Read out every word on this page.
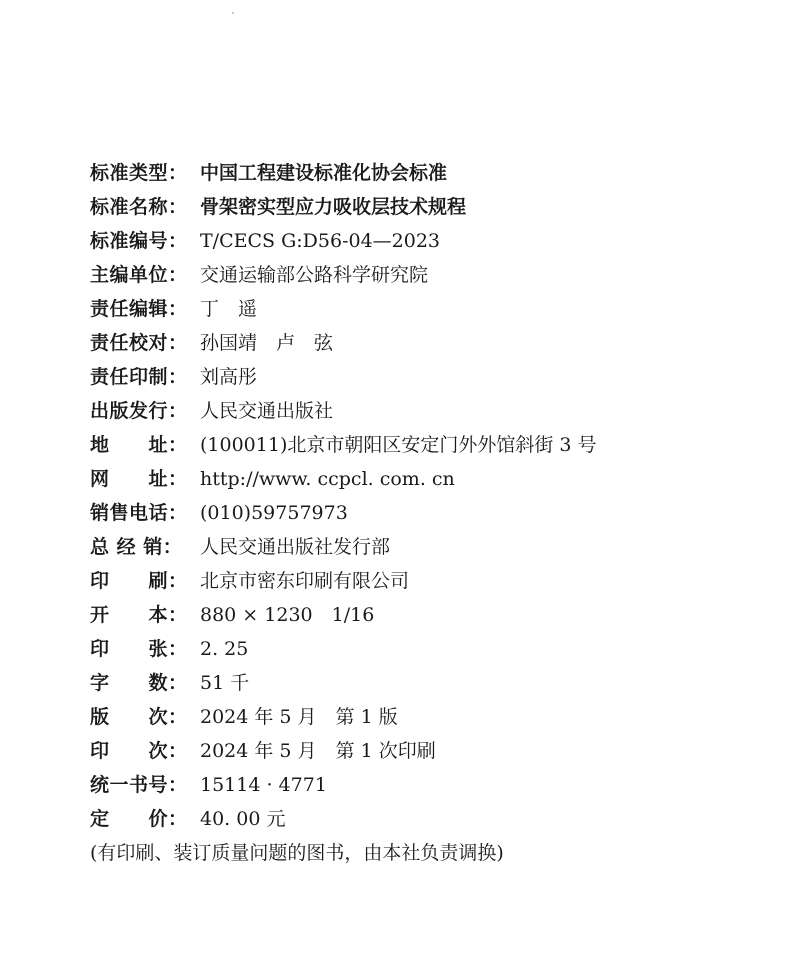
标准类型： 中国工程建设标准化协会标准
标准名称： 骨架密实型应力吸收层技术规程
标准编号： T/CECS G:D56-04—2023
主编单位： 交通运输部公路科学研究院
责任编辑： 丁　遥
责任校对： 孙国靖　卢　弦
责任印制： 刘高彤
出版发行： 人民交通出版社
地　　址： (100011)北京市朝阳区安定门外外馆斜街 3 号
网　　址： http://www. ccpcl. com. cn
销售电话： (010)59757973
总 经 销： 人民交通出版社发行部
印　　刷： 北京市密东印刷有限公司
开　　本： 880 × 1230　1/16
印　　张： 2. 25
字　　数： 51 千
版　　次： 2024 年 5 月　第 1 版
印　　次： 2024 年 5 月　第 1 次印刷
统一书号： 15114 · 4771
定　　价： 40. 00 元
(有印刷、装订质量问题的图书，由本社负责调换)
